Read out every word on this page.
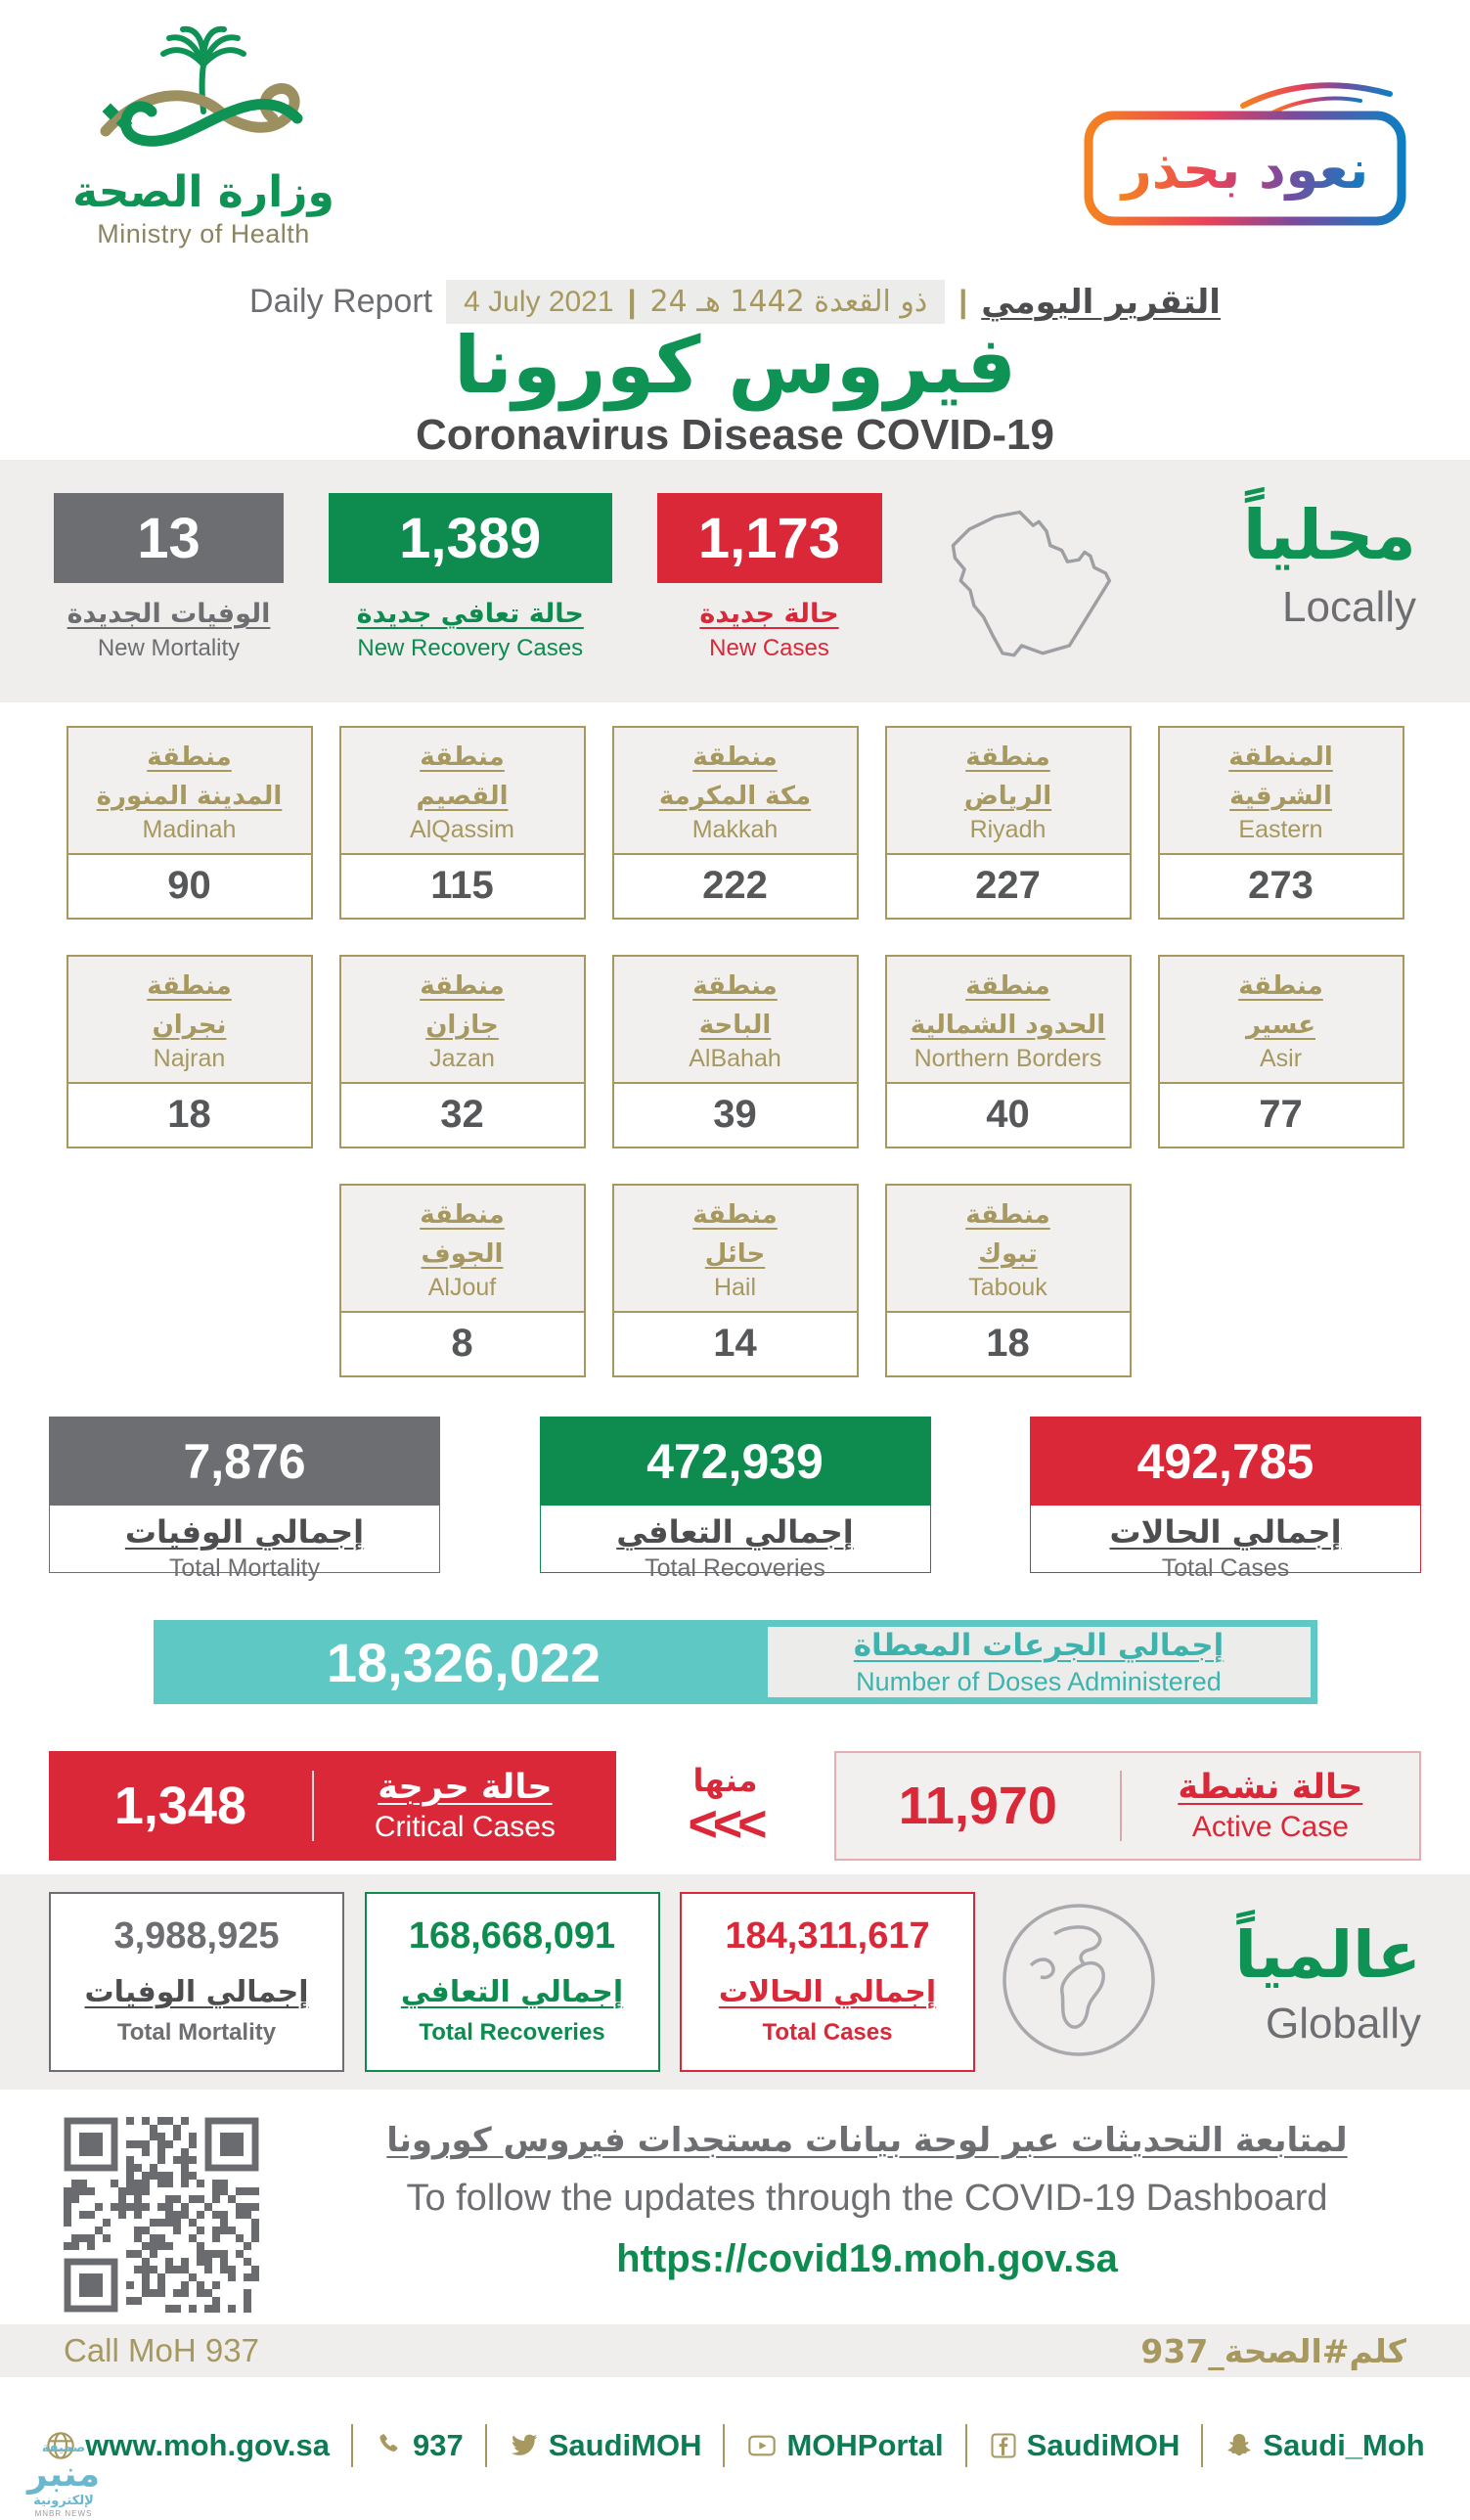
وزارة الصحة
Ministry of Health
نعود بحذر
Daily Report 4 July 2021 | 24 ذو القعدة 1442 هـ | التقرير اليومي
فيروس كورونا
Coronavirus Disease COVID-19
13
الوفيات الجديدة
New Mortality
1,389
حالة تعافي جديدة
New Recovery Cases
1,173
حالة جديدة
New Cases
محلياً
Locally
منطقة
المدينة المنورة
Madinah
90
منطقة
القصيم
AlQassim
115
منطقة
مكة المكرمة
Makkah
222
منطقة
الرياض
Riyadh
227
المنطقة
الشرقية
Eastern
273
منطقة
نجران
Najran
18
منطقة
جازان
Jazan
32
منطقة
الباحة
AlBahah
39
منطقة
الحدود الشمالية
Northern Borders
40
منطقة
عسير
Asir
77
منطقة
الجوف
AlJouf
8
منطقة
حائل
Hail
14
منطقة
تبوك
Tabouk
18
7,876
إجمالي الوفيات
Total Mortality
472,939
إجمالي التعافي
Total Recoveries
492,785
إجمالي الحالات
Total Cases
18,326,022	إجمالي الجرعات المعطاة
Number of Doses Administered
1,348	حالة حرجة
Critical Cases
منها
<<<	11,970	حالة نشطة
Active Case
3,988,925
إجمالي الوفيات
Total Mortality
168,668,091
إجمالي التعافي
Total Recoveries
184,311,617
إجمالي الحالات
Total Cases
عالمياً
Globally
لمتابعة التحديثات عبر لوحة بيانات مستجدات فيروس كورونا
To follow the updates through the COVID-19 Dashboard
https://covid19.moh.gov.sa
Call MoH 937	كلم#الصحة_937
www.moh.gov.sa	937	SaudiMOH	MOHPortal	SaudiMOH	Saudi_Moh
صحيفة
منبر
لإلكترونية
MNBR NEWS
